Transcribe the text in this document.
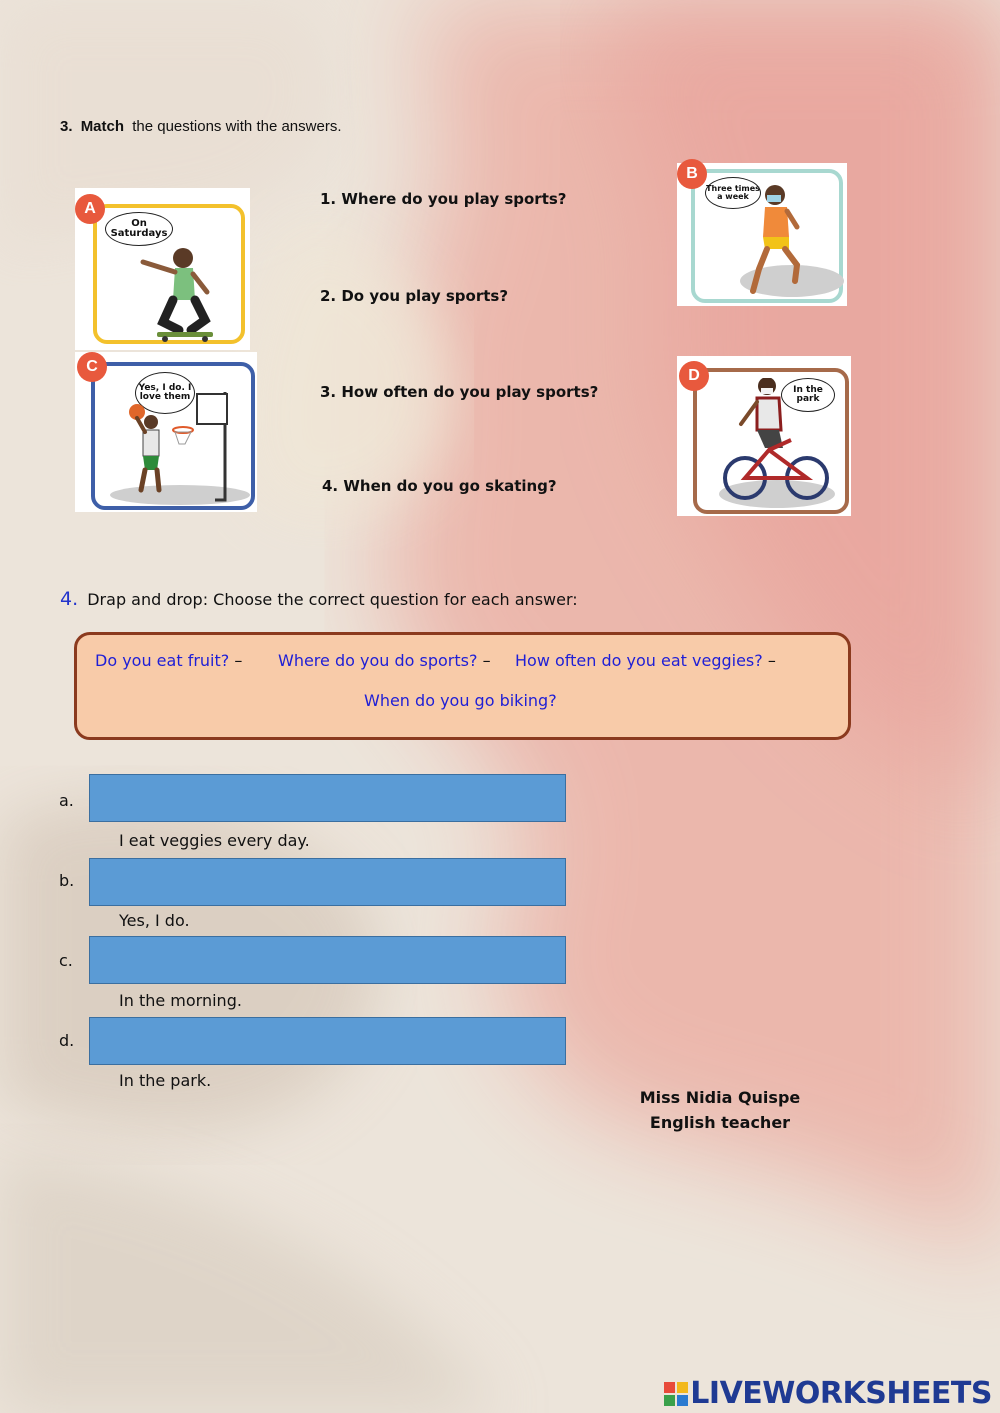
3. Match the questions with the answers.
1. Where do you play sports?
2. Do you play sports?
3. How often do you play sports?
4. When do you go skating?
A
On Saturdays
B
Three times a week
C
Yes, I do. I love them
D
In the park
4. Drap and drop: Choose the correct question for each answer:
Do you eat fruit? – Where do you do sports? – How often do you eat veggies? –
When do you go biking?
a.
I eat veggies every day.
b.
Yes, I do.
c.
In the morning.
d.
In the park.
Miss Nidia Quispe
English teacher
LIVEWORKSHEETS
